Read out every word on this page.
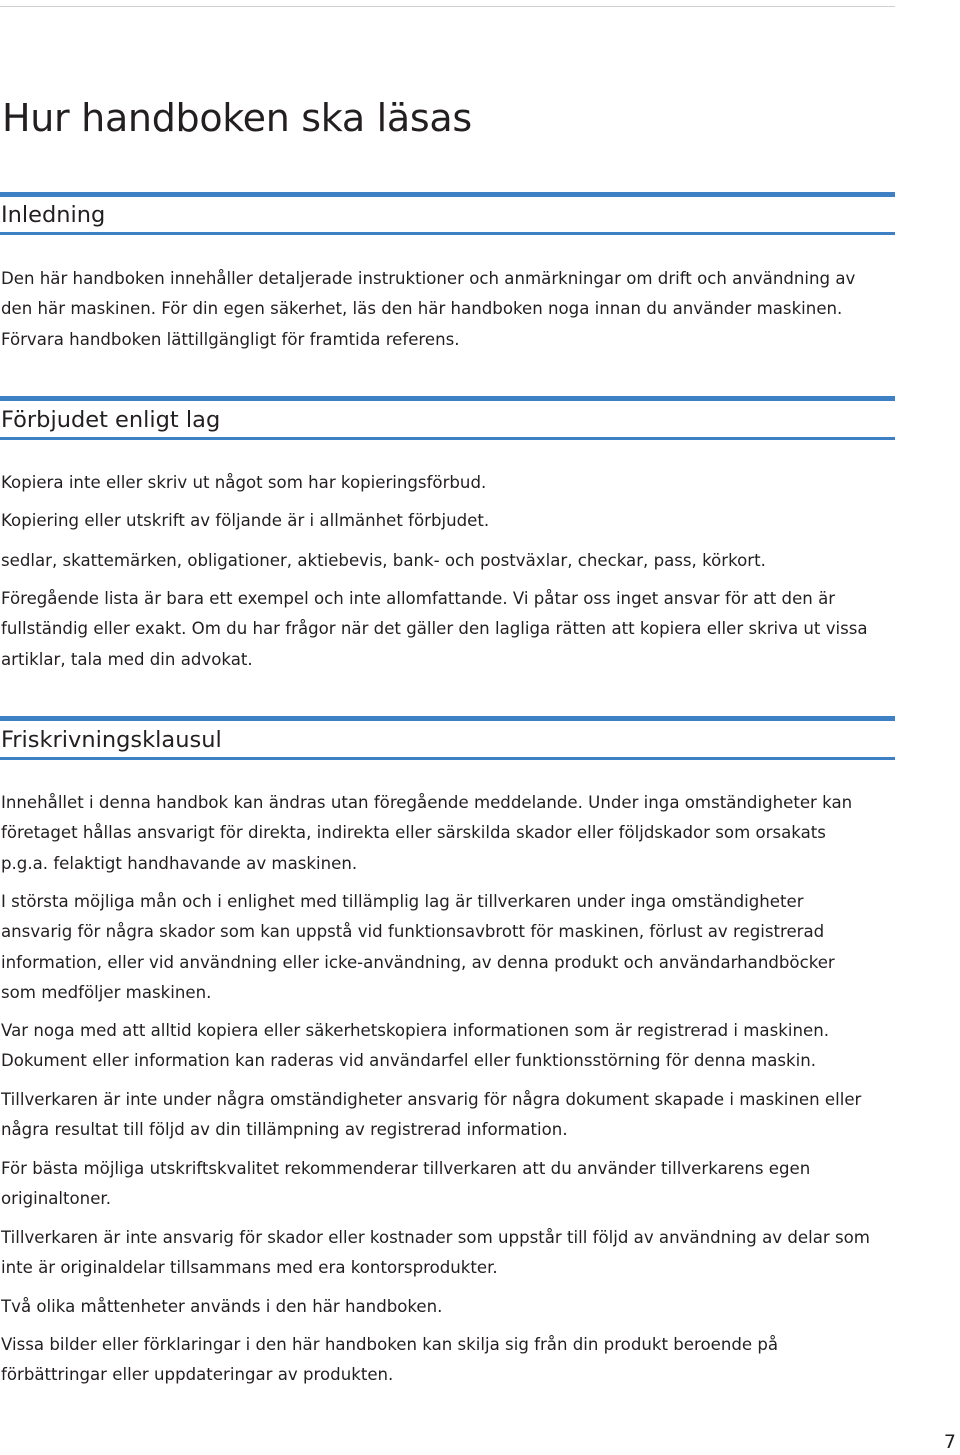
Hur handboken ska läsas
Inledning

Den här handboken innehåller detaljerade instruktioner och anmärkningar om drift och användning av
den här maskinen. För din egen säkerhet, läs den här handboken noga innan du använder maskinen.
Förvara handboken lättillgängligt för framtida referens.

Förbjudet enligt lag

Kopiera inte eller skriv ut något som har kopieringsförbud.

Kopiering eller utskrift av följande är i allmänhet förbjudet.

sedlar, skattemärken, obligationer, aktiebevis, bank- och postväxlar, checkar, pass, körkort.

Föregående lista är bara ett exempel och inte allomfattande. Vi påtar oss inget ansvar för att den är
fullständig eller exakt. Om du har frågor när det gäller den lagliga rätten att kopiera eller skriva ut vissa
artiklar, tala med din advokat.

Friskrivningsklausul

Innehållet i denna handbok kan ändras utan föregående meddelande. Under inga omständigheter kan
företaget hållas ansvarigt för direkta, indirekta eller särskilda skador eller följdskador som orsakats
p.g.a. felaktigt handhavande av maskinen.

I största möjliga mån och i enlighet med tillämplig lag är tillverkaren under inga omständigheter
ansvarig för några skador som kan uppstå vid funktionsavbrott för maskinen, förlust av registrerad
information, eller vid användning eller icke-användning, av denna produkt och användarhandböcker
som medföljer maskinen.

Var noga med att alltid kopiera eller säkerhetskopiera informationen som är registrerad i maskinen.
Dokument eller information kan raderas vid användarfel eller funktionsstörning för denna maskin.

Tillverkaren är inte under några omständigheter ansvarig för några dokument skapade i maskinen eller
några resultat till följd av din tillämpning av registrerad information.

För bästa möjliga utskriftskvalitet rekommenderar tillverkaren att du använder tillverkarens egen
originaltoner.

Tillverkaren är inte ansvarig för skador eller kostnader som uppstår till följd av användning av delar som
inte är originaldelar tillsammans med era kontorsprodukter.

Två olika måttenheter används i den här handboken.

Vissa bilder eller förklaringar i den här handboken kan skilja sig från din produkt beroende på
förbättringar eller uppdateringar av produkten.

7
